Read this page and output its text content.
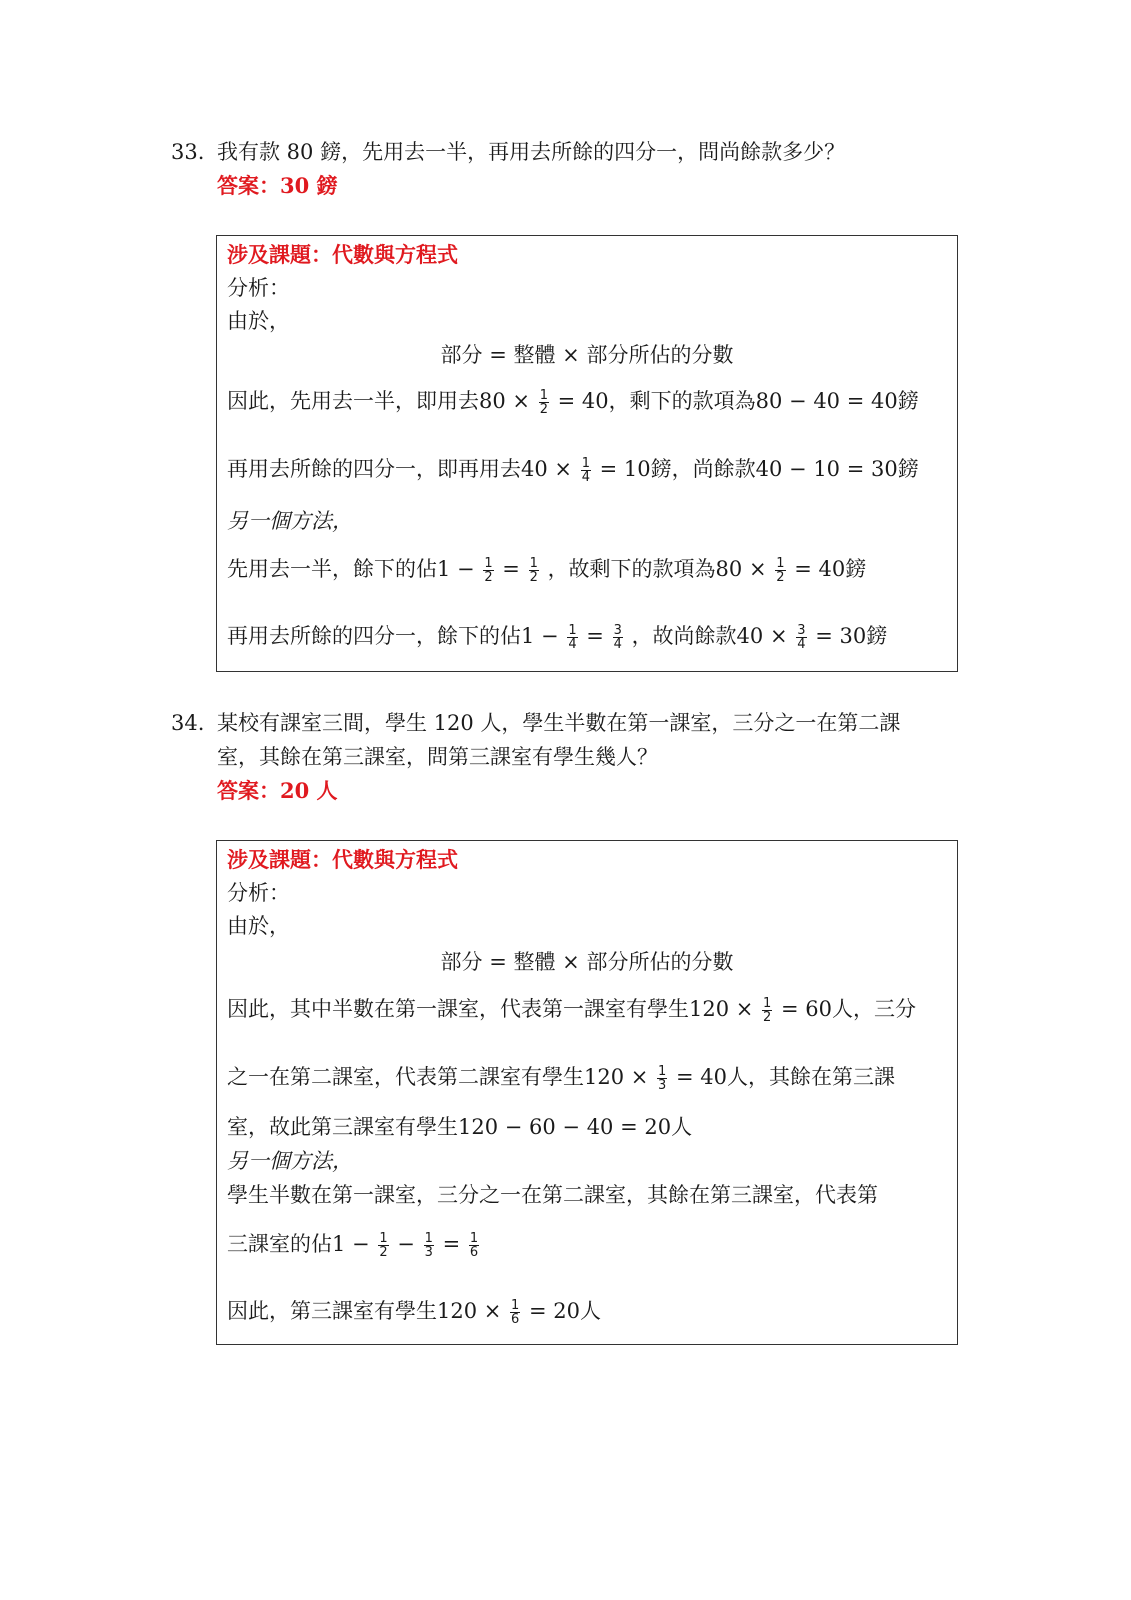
33. 我有款 80 鎊，先用去一半，再用去所餘的四分一，問尚餘款多少？
答案：30 鎊
涉及課題：代數與方程式
分析：
由於，
部分 = 整體 × 部分所佔的分數
因此，先用去一半，即用去$80 \times \frac{1}{2} = 40$，剩下的款項為80 − 40 = 40鎊
再用去所餘的四分一，即再用去$40 \times \frac{1}{4} = 10$鎊，尚餘款40 − 10 = 30鎊
另一個方法，
先用去一半，餘下的佔$1 - \frac{1}{2} = \frac{1}{2}$ ，故剩下的款項為$80 \times \frac{1}{2} = 40$鎊
再用去所餘的四分一，餘下的佔$1 - \frac{1}{4} = \frac{3}{4}$ ，故尚餘款$40 \times \frac{3}{4} = 30$鎊
34. 某校有課室三間，學生 120 人，學生半數在第一課室，三分之一在第二課
室，其餘在第三課室，問第三課室有學生幾人？
答案：20 人
涉及課題：代數與方程式
分析：
由於，
部分 = 整體 × 部分所佔的分數
因此，其中半數在第一課室，代表第一課室有學生$120 \times \frac{1}{2} = 60$人，三分
之一在第二課室，代表第二課室有學生$120 \times \frac{1}{3} = 40$人，其餘在第三課
室，故此第三課室有學生120 − 60 − 40 = 20人
另一個方法，
學生半數在第一課室，三分之一在第二課室，其餘在第三課室，代表第
三課室的佔$1 - \frac{1}{2} - \frac{1}{3} = \frac{1}{6}$
因此，第三課室有學生$120 \times \frac{1}{6} = 20$人
